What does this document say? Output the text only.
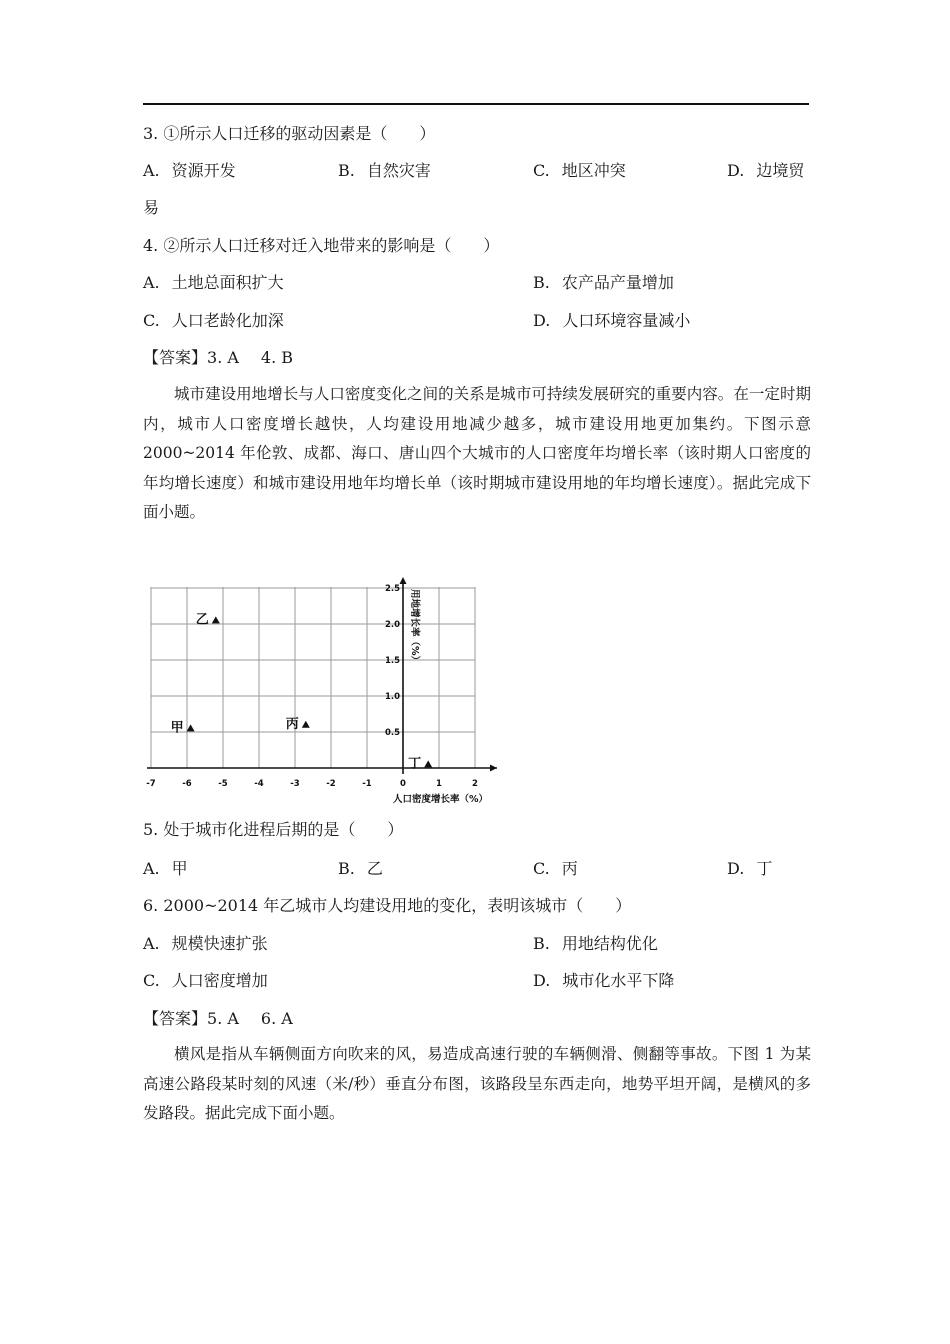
3. ①所示人口迁移的驱动因素是（　　）
A. 资源开发	B. 自然灾害	C. 地区冲突	D. 边境贸
易
4. ②所示人口迁移对迁入地带来的影响是（　　）
A. 土地总面积扩大	B. 农产品产量增加
C. 人口老龄化加深	D. 人口环境容量减小
【答案】3. A 4. B
城市建设用地增长与人口密度变化之间的关系是城市可持续发展研究的重要内容。在一定时期内，城市人口密度增长越快，人均建设用地减少越多，城市建设用地更加集约。下图示意 2000~2014 年伦敦、成都、海口、唐山四个大城市的人口密度年均增长率（该时期人口密度的年均增长速度）和城市建设用地年均增长单（该时期城市建设用地的年均增长速度）。据此完成下面小题。
-7	-6	-5	-4	-3	-2	-1	0	1	2
0.5
1.0
1.5
2.0
2.5
甲
乙
丙
丁
人口密度增长率（%）
用地增长率（%）
5. 处于城市化进程后期的是（　　）
A. 甲	B. 乙	C. 丙	D. 丁
6. 2000~2014 年乙城市人均建设用地的变化，表明该城市（　　）
A. 规模快速扩张	B. 用地结构优化
C. 人口密度增加	D. 城市化水平下降
【答案】5. A 6. A
横风是指从车辆侧面方向吹来的风，易造成高速行驶的车辆侧滑、侧翻等事故。下图 1 为某高速公路段某时刻的风速（米/秒）垂直分布图，该路段呈东西走向，地势平坦开阔，是横风的多发路段。据此完成下面小题。
